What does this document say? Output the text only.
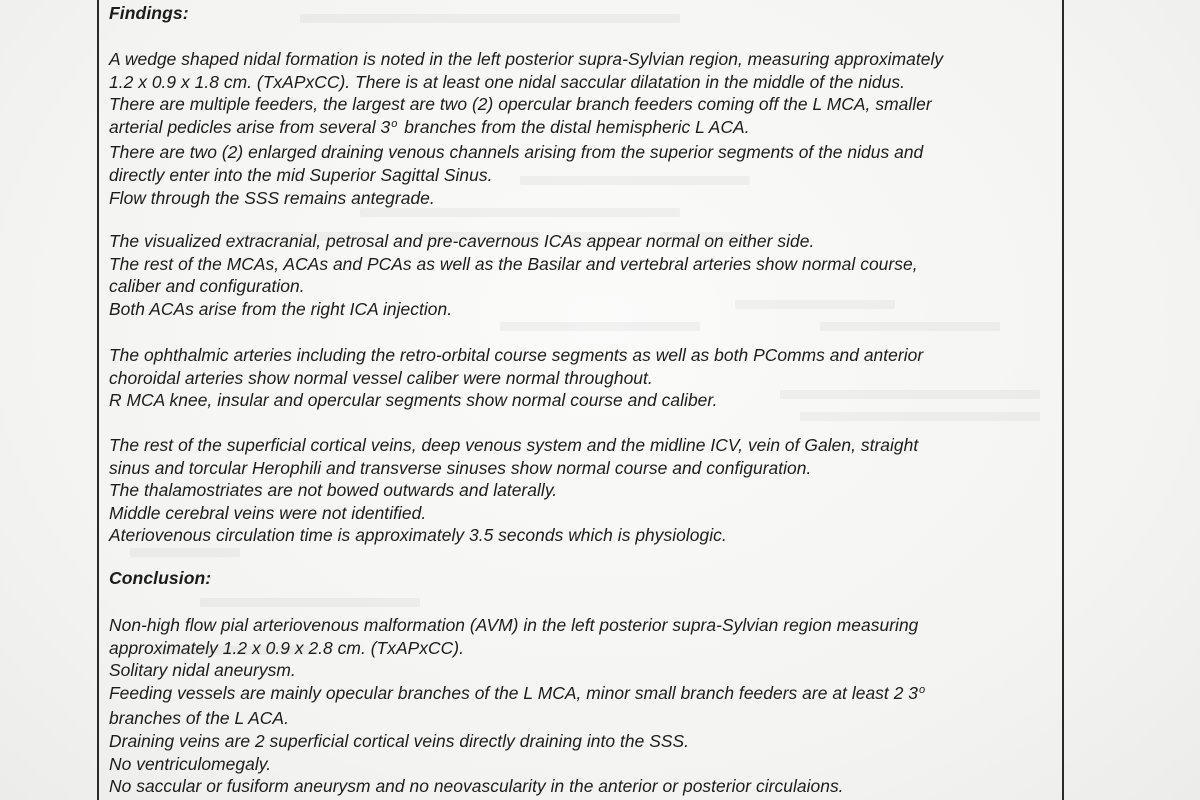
Findings:

A wedge shaped nidal formation is noted in the left posterior supra-Sylvian region, measuring approximately
1.2 x 0.9 x 1.8 cm. (TxAPxCC). There is at least one nidal saccular dilatation in the middle of the nidus.
There are multiple feeders, the largest are two (2) opercular branch feeders coming off the L MCA, smaller
arterial pedicles arise from several 3$^o$ branches from the distal hemispheric L ACA.
There are two (2) enlarged draining venous channels arising from the superior segments of the nidus and
directly enter into the mid Superior Sagittal Sinus.
Flow through the SSS remains antegrade.

The visualized extracranial, petrosal and pre-cavernous ICAs appear normal on either side.
The rest of the MCAs, ACAs and PCAs as well as the Basilar and vertebral arteries show normal course,
caliber and configuration.
Both ACAs arise from the right ICA injection.

The ophthalmic arteries including the retro-orbital course segments as well as both PComms and anterior
choroidal arteries show normal vessel caliber were normal throughout.
R MCA knee, insular and opercular segments show normal course and caliber.

The rest of the superficial cortical veins, deep venous system and the midline ICV, vein of Galen, straight
sinus and torcular Herophili and transverse sinuses show normal course and configuration.
The thalamostriates are not bowed outwards and laterally.
Middle cerebral veins were not identified.
Ateriovenous circulation time is approximately 3.5 seconds which is physiologic.

Conclusion:

Non-high flow pial arteriovenous malformation (AVM) in the left posterior supra-Sylvian region measuring
approximately 1.2 x 0.9 x 2.8 cm. (TxAPxCC).
Solitary nidal aneurysm.
Feeding vessels are mainly opecular branches of the L MCA, minor small branch feeders are at least 2 3$^o$
branches of the L ACA.
Draining veins are 2 superficial cortical veins directly draining into the SSS.
No ventriculomegaly.
No saccular or fusiform aneurysm and no neovascularity in the anterior or posterior circulaions.
